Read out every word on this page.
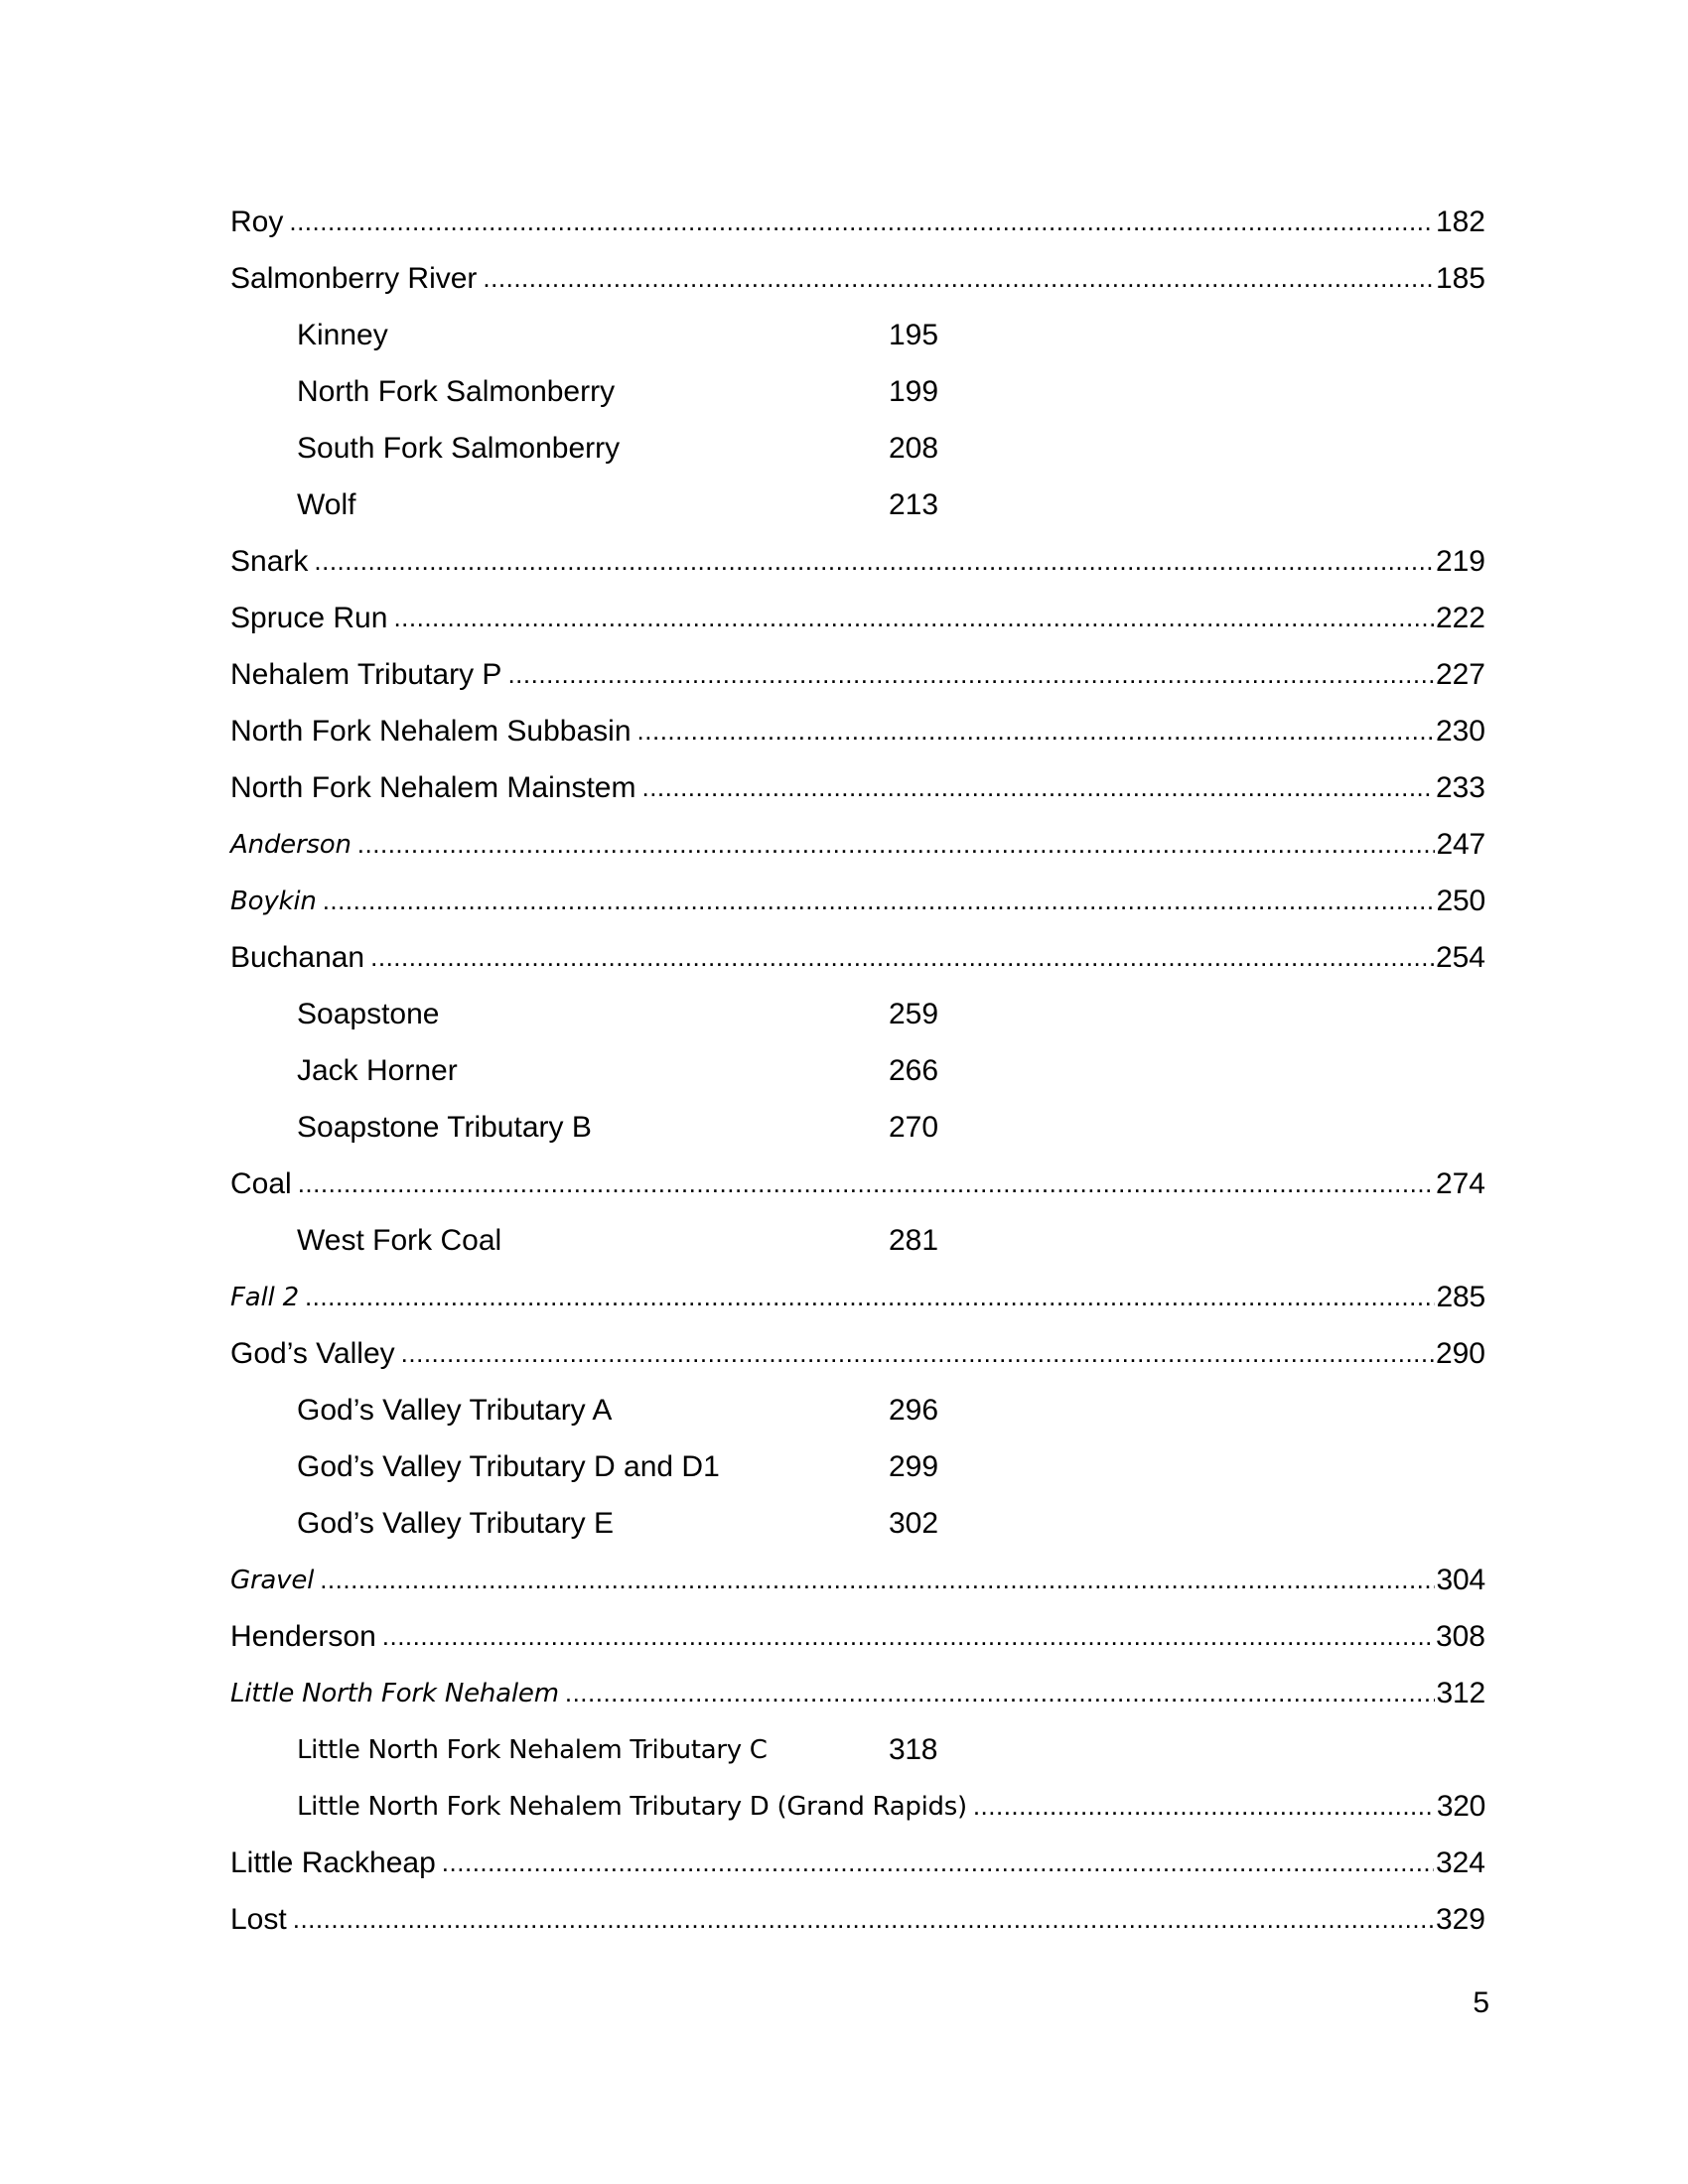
Roy .....	182
Salmonberry River .....	185
Kinney	195
North Fork Salmonberry	199
South Fork Salmonberry	208
Wolf	213
Snark .....	219
Spruce Run .....	222
Nehalem Tributary P .....	227
North Fork Nehalem Subbasin .....	230
North Fork Nehalem Mainstem .....	233
Anderson .....	247
Boykin .....	250
Buchanan .....	254
Soapstone	259
Jack Horner	266
Soapstone Tributary B	270
Coal .....	274
West Fork Coal	281
Fall 2 .....	285
God’s Valley .....	290
God’s Valley Tributary A	296
God’s Valley Tributary D and D1	299
God’s Valley Tributary E	302
Gravel .....	304
Henderson .....	308
Little North Fork Nehalem .....	312
Little North Fork Nehalem Tributary C	318
Little North Fork Nehalem Tributary D (Grand Rapids) .....	320
Little Rackheap .....	324
Lost .....	329
5
